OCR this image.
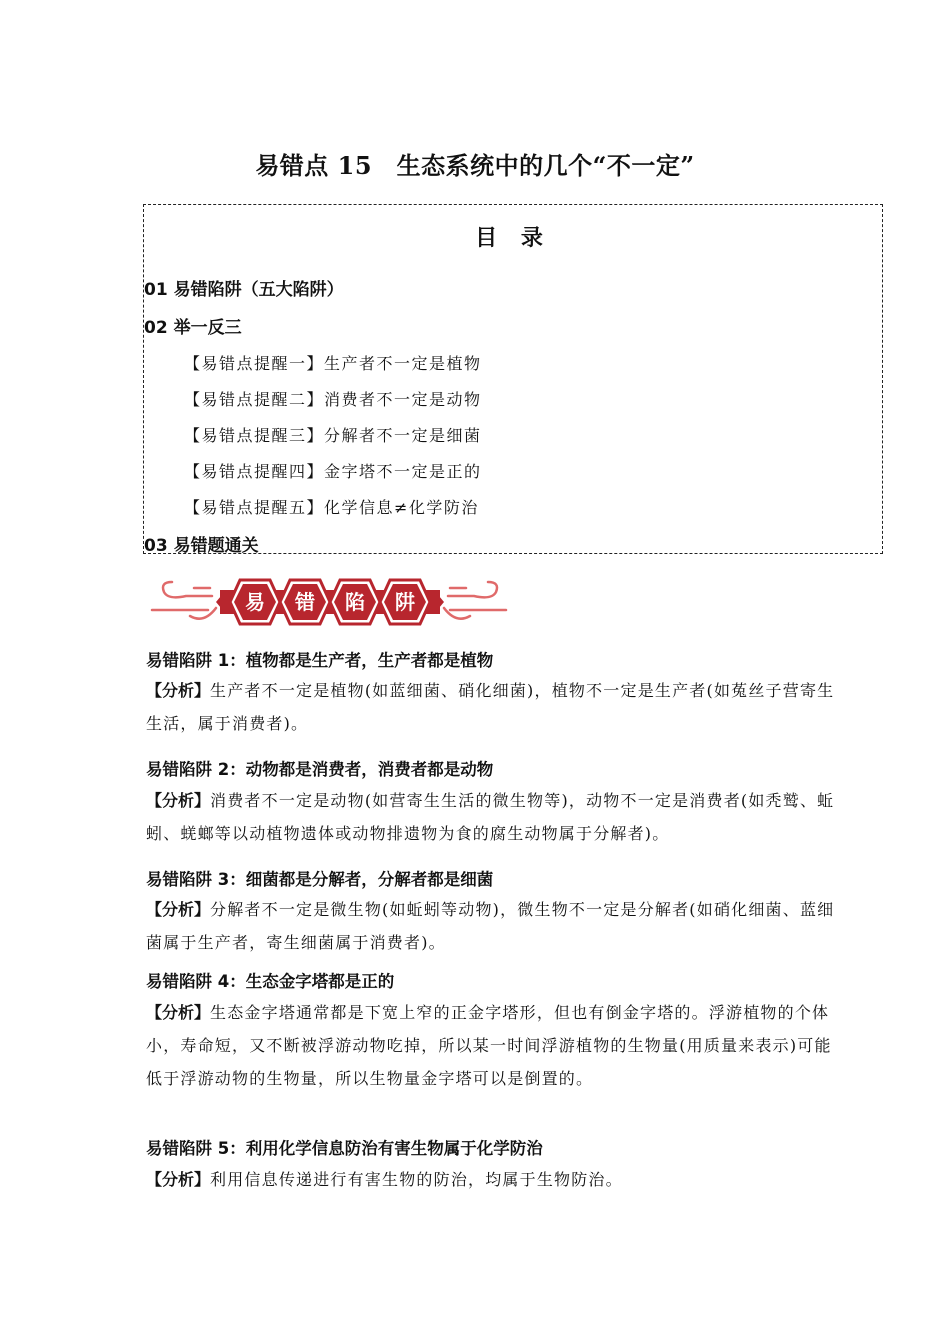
易错点 15　生态系统中的几个“不一定”
目 录
01 易错陷阱（五大陷阱）
02 举一反三
【易错点提醒一】生产者不一定是植物
【易错点提醒二】消费者不一定是动物
【易错点提醒三】分解者不一定是细菌
【易错点提醒四】金字塔不一定是正的
【易错点提醒五】化学信息≠化学防治
03 易错题通关
易 错 陷 阱
易错陷阱 1：植物都是生产者，生产者都是植物

【分析】生产者不一定是植物(如蓝细菌、硝化细菌)，植物不一定是生产者(如菟丝子营寄生生活，属于消费者)。

易错陷阱 2：动物都是消费者，消费者都是动物

【分析】消费者不一定是动物(如营寄生生活的微生物等)，动物不一定是消费者(如秃鹫、蚯蚓、蜣螂等以动植物遗体或动物排遗物为食的腐生动物属于分解者)。

易错陷阱 3：细菌都是分解者，分解者都是细菌

【分析】分解者不一定是微生物(如蚯蚓等动物)，微生物不一定是分解者(如硝化细菌、蓝细菌属于生产者，寄生细菌属于消费者)。

易错陷阱 4：生态金字塔都是正的

【分析】生态金字塔通常都是下宽上窄的正金字塔形，但也有倒金字塔的。浮游植物的个体小，寿命短，又不断被浮游动物吃掉，所以某一时间浮游植物的生物量(用质量来表示)可能低于浮游动物的生物量，所以生物量金字塔可以是倒置的。

易错陷阱 5：利用化学信息防治有害生物属于化学防治

【分析】利用信息传递进行有害生物的防治，均属于生物防治。
